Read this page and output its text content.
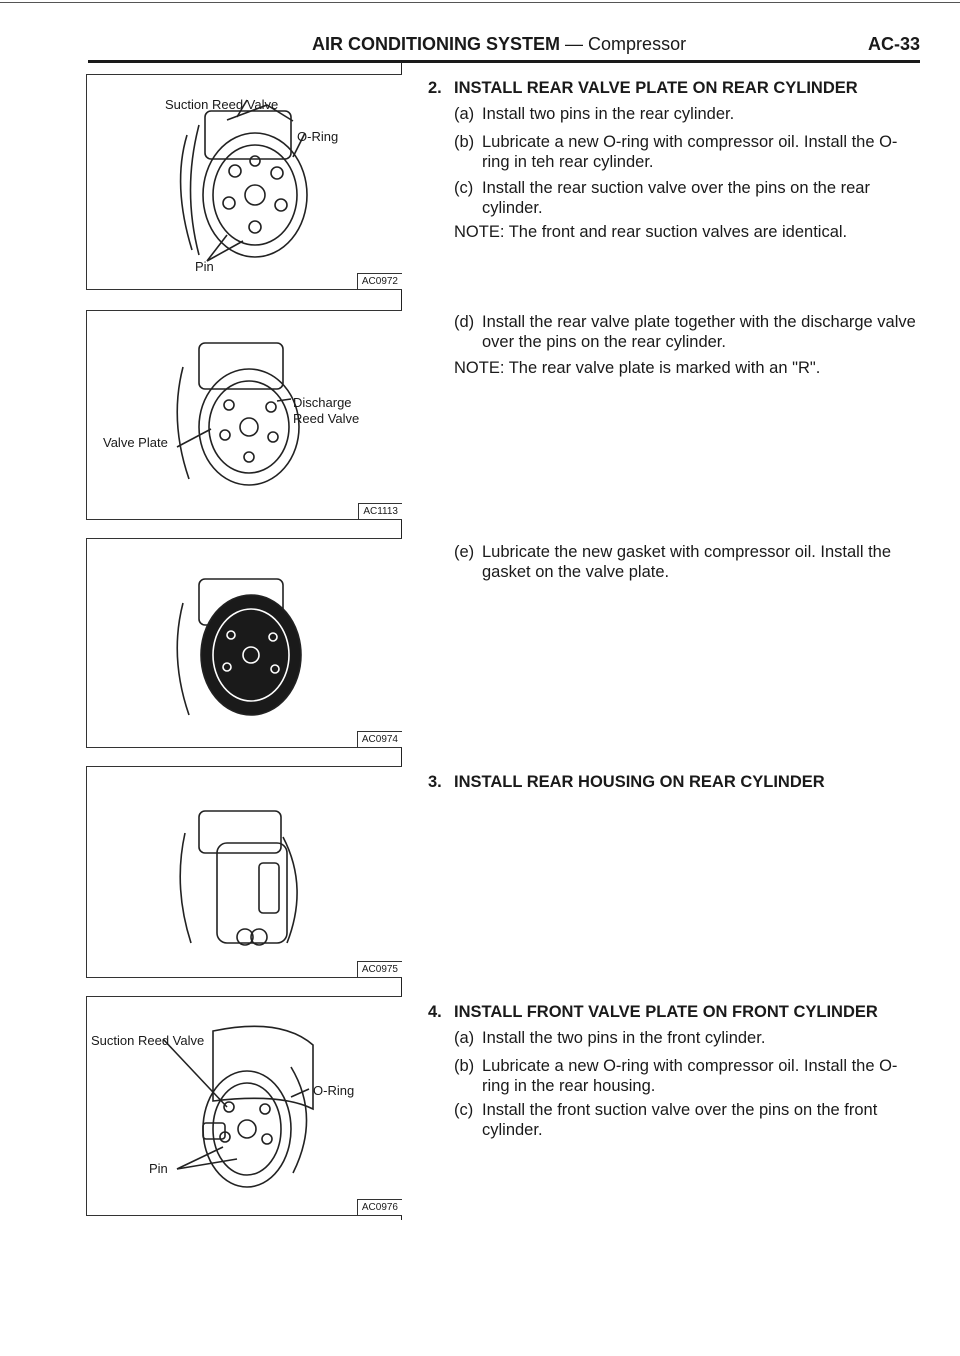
AIR CONDITIONING SYSTEM — Compressor	AC-33
Suction Reed Valve
O-Ring
Pin
AC0972
Discharge Reed Valve
Valve Plate
AC1113
AC0974
AC0975
Suction Reed Valve
O-Ring
Pin
AC0976
2. INSTALL REAR VALVE PLATE ON REAR CYLINDER
(a) Install two pins in the rear cylinder.
(b) Lubricate a new O-ring with compressor oil. Install the O-ring in teh rear cylinder.
(c) Install the rear suction valve over the pins on the rear cylinder.
NOTE: The front and rear suction valves are identical.
(d) Install the rear valve plate together with the discharge valve over the pins on the rear cylinder.
NOTE: The rear valve plate is marked with an "R".
(e) Lubricate the new gasket with compressor oil. Install the gasket on the valve plate.
3. INSTALL REAR HOUSING ON REAR CYLINDER
4. INSTALL FRONT VALVE PLATE ON FRONT CYLINDER
(a) Install the two pins in the front cylinder.
(b) Lubricate a new O-ring with compressor oil. Install the O-ring in the rear housing.
(c) Install the front suction valve over the pins on the front cylinder.
